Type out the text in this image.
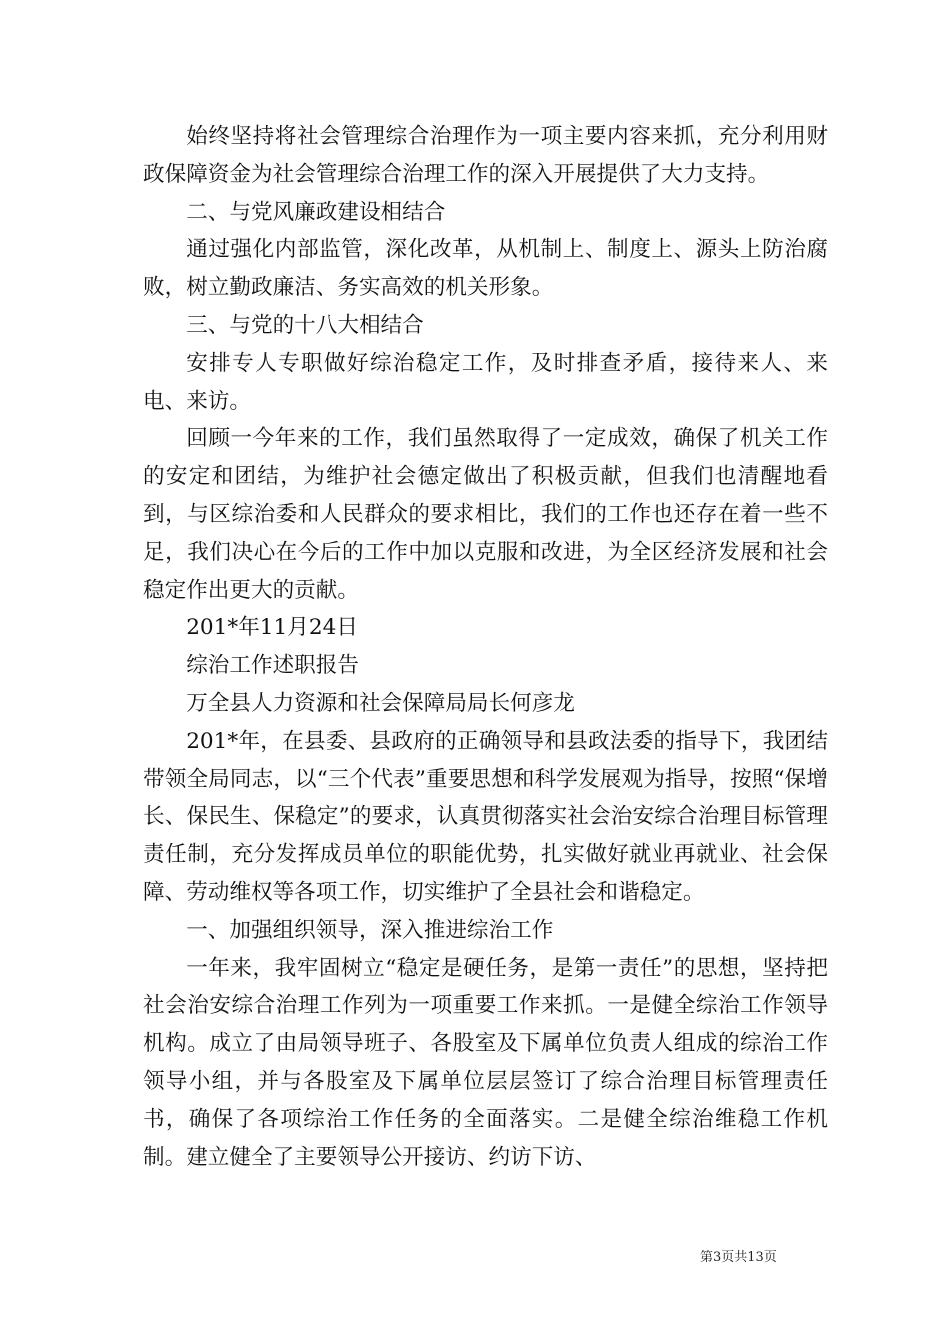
始终坚持将社会管理综合治理作为一项主要内容来抓，充分利用财政保障资金为社会管理综合治理工作的深入开展提供了大力支持。

二、与党风廉政建设相结合

通过强化内部监管，深化改革，从机制上、制度上、源头上防治腐败，树立勤政廉洁、务实高效的机关形象。

三、与党的十八大相结合

安排专人专职做好综治稳定工作，及时排查矛盾，接待来人、来电、来访。

回顾一今年来的工作，我们虽然取得了一定成效，确保了机关工作的安定和团结，为维护社会德定做出了积极贡献，但我们也清醒地看到，与区综治委和人民群众的要求相比，我们的工作也还存在着一些不足，我们决心在今后的工作中加以克服和改进，为全区经济发展和社会稳定作出更大的贡献。

201*年11月24日

综治工作述职报告

万全县人力资源和社会保障局局长何彦龙

201*年，在县委、县政府的正确领导和县政法委的指导下，我团结带领全局同志，以“三个代表”重要思想和科学发展观为指导，按照“保增长、保民生、保稳定”的要求，认真贯彻落实社会治安综合治理目标管理责任制，充分发挥成员单位的职能优势，扎实做好就业再就业、社会保障、劳动维权等各项工作，切实维护了全县社会和谐稳定。

一、加强组织领导，深入推进综治工作

一年来，我牢固树立“稳定是硬任务，是第一责任”的思想，坚持把社会治安综合治理工作列为一项重要工作来抓。一是健全综治工作领导机构。成立了由局领导班子、各股室及下属单位负责人组成的综治工作领导小组，并与各股室及下属单位层层签订了综合治理目标管理责任书，确保了各项综治工作任务的全面落实。二是健全综治维稳工作机制。建立健全了主要领导公开接访、约访下访、

第3页共13页
